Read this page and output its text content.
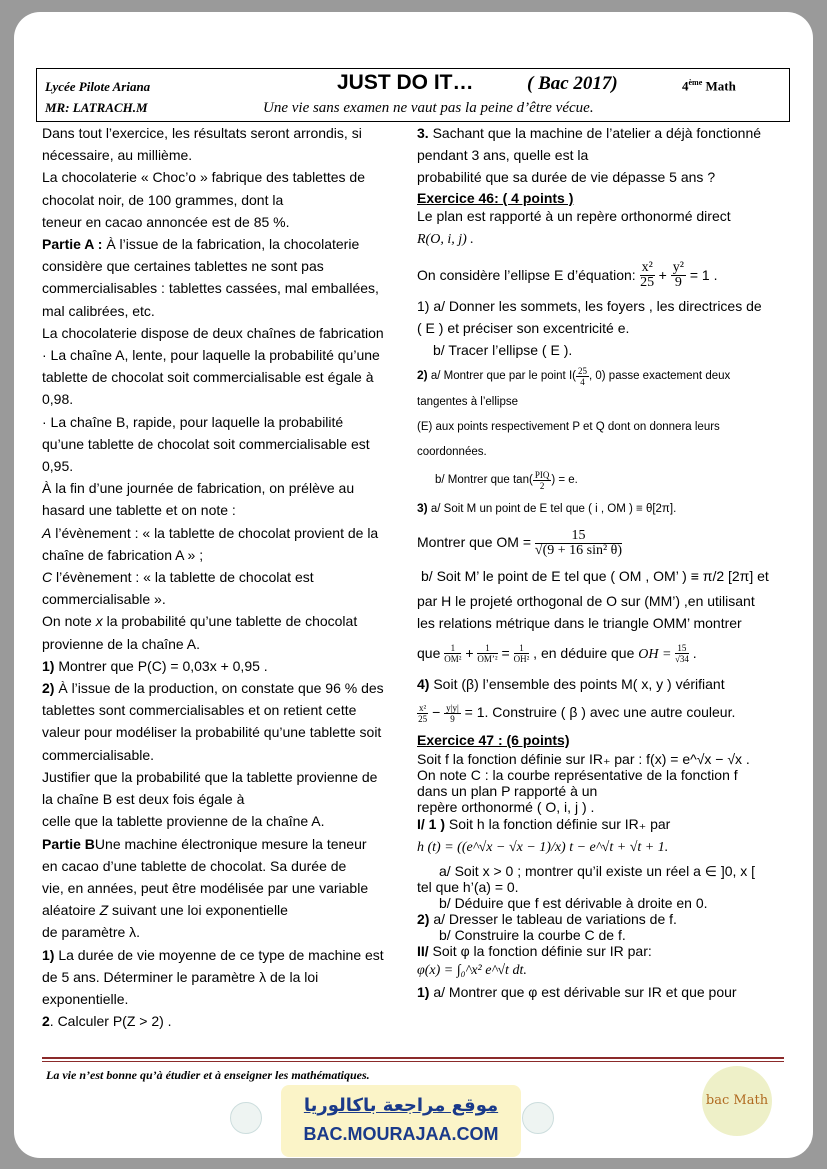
Lycée Pilote Ariana	JUST DO IT…	( Bac 2017)	4ème Math
MR: LATRACH.M	Une vie sans examen ne vaut pas la peine d’être vécue.

Dans tout l’exercice, les résultats seront arrondis, si

nécessaire, au millième.

La chocolaterie « Choc’o » fabrique des tablettes de

chocolat noir, de 100 grammes, dont la

teneur en cacao annoncée est de 85 %.

Partie A : À l’issue de la fabrication, la chocolaterie

considère que certaines tablettes ne sont pas

commercialisables : tablettes cassées, mal emballées,

mal calibrées, etc.

La chocolaterie dispose de deux chaînes de fabrication

· La chaîne A, lente, pour laquelle la probabilité qu’une

tablette de chocolat soit commercialisable est égale à

0,98.

· La chaîne B, rapide, pour laquelle la probabilité

qu’une tablette de chocolat soit commercialisable est

0,95.

À la fin d’une journée de fabrication, on prélève au

hasard une tablette et on note :

A l’évènement : « la tablette de chocolat provient de la

chaîne de fabrication A » ;

C l’évènement : « la tablette de chocolat est

commercialisable ».

On note x la probabilité qu’une tablette de chocolat

provienne de la chaîne A.

1) Montrer que P(C) = 0,03x + 0,95 .

2) À l’issue de la production, on constate que 96 % des

tablettes sont commercialisables et on retient cette

valeur pour modéliser la probabilité qu’une tablette soit

commercialisable.

Justifier que la probabilité que la tablette provienne de

la chaîne B est deux fois égale à

celle que la tablette provienne de la chaîne A.

Partie BUne machine électronique mesure la teneur

en cacao d’une tablette de chocolat. Sa durée de

vie, en années, peut être modélisée par une variable

aléatoire Z suivant une loi exponentielle

de paramètre λ.

1) La durée de vie moyenne de ce type de machine est

de 5 ans. Déterminer le paramètre λ de la loi

exponentielle.

2. Calculer P(Z > 2) .

3. Sachant que la machine de l’atelier a déjà fonctionné

pendant 3 ans, quelle est la

probabilité que sa durée de vie dépasse 5 ans ?

Exercice 46: ( 4 points )

Le plan est rapporté à un repère orthonormé direct

R(O, i, j) .

On considère l’ellipse E d’équation: $\frac{\text{x²}}{25} + \frac{\text{y²}}{9} = 1$ .

1) a/ Donner les sommets, les foyers , les directrices de

( E ) et préciser son excentricité e.

b/ Tracer l’ellipse ( E ).

2) a/ Montrer que par le point $I( \frac{25}{4}$ , 0) passe exactement deux

tangentes à l’ellipse

(E) aux points respectivement P et Q dont on donnera leurs

coordonnées.

b/ Montrer que $\tan( \frac{\text{PIQ}}{2}$ ) = e.

3) a/ Soit M un point de E tel que ( i , OM ) ≡ θ[2π].

Montrer que OM = $\frac{15}{\text{√(9 + 16 sin² θ)}}$

b/ Soit M’ le point de E tel que ( OM , OM’ ) ≡ π/2 [2π] et

par H le projeté orthogonal de O sur (MM’) ,en utilisant

les relations métrique dans le triangle OMM’ montrer

que $\frac{1}{\text{OM²}} + \frac{1}{\text{OM’²}} = \frac{1}{\text{OH²}}$ , en déduire que OH = $\frac{15}{√34}$ .

4) Soit (β) l’ensemble des points M( x, y ) vérifiant

$\frac{\text{x²}}{25} - \frac{y|y|}{9} = 1$. Construire ( β ) avec une autre couleur.

Exercice 47 : (6 points)

Soit f la fonction définie sur IR₊ par : f(x) = e^√x − √x .

On note C : la courbe représentative de la fonction f

dans un plan P rapporté à un

repère orthonormé ( O, i, j ) .

I/ 1 ) Soit h la fonction définie sur IR₊ par

h (t) = ((e^√x − √x − 1)/x) t − e^√t + √t + 1.

a/ Soit x > 0 ; montrer qu’il existe un réel a ∈ ]0, x [

tel que h’(a) = 0.

b/ Déduire que f est dérivable à droite en 0.

2) a/ Dresser le tableau de variations de f.

b/ Construire la courbe C de f.

II/ Soit φ la fonction définie sur IR par:

φ(x) = ∫₀^x² e^√t dt.

1) a/ Montrer que φ est dérivable sur IR et que pour

La vie n’est bonne qu’à étudier et à enseigner les mathématiques.
موقع مراجعة باكالوريا
BAC.MOURAJAA.COM
bac Math
